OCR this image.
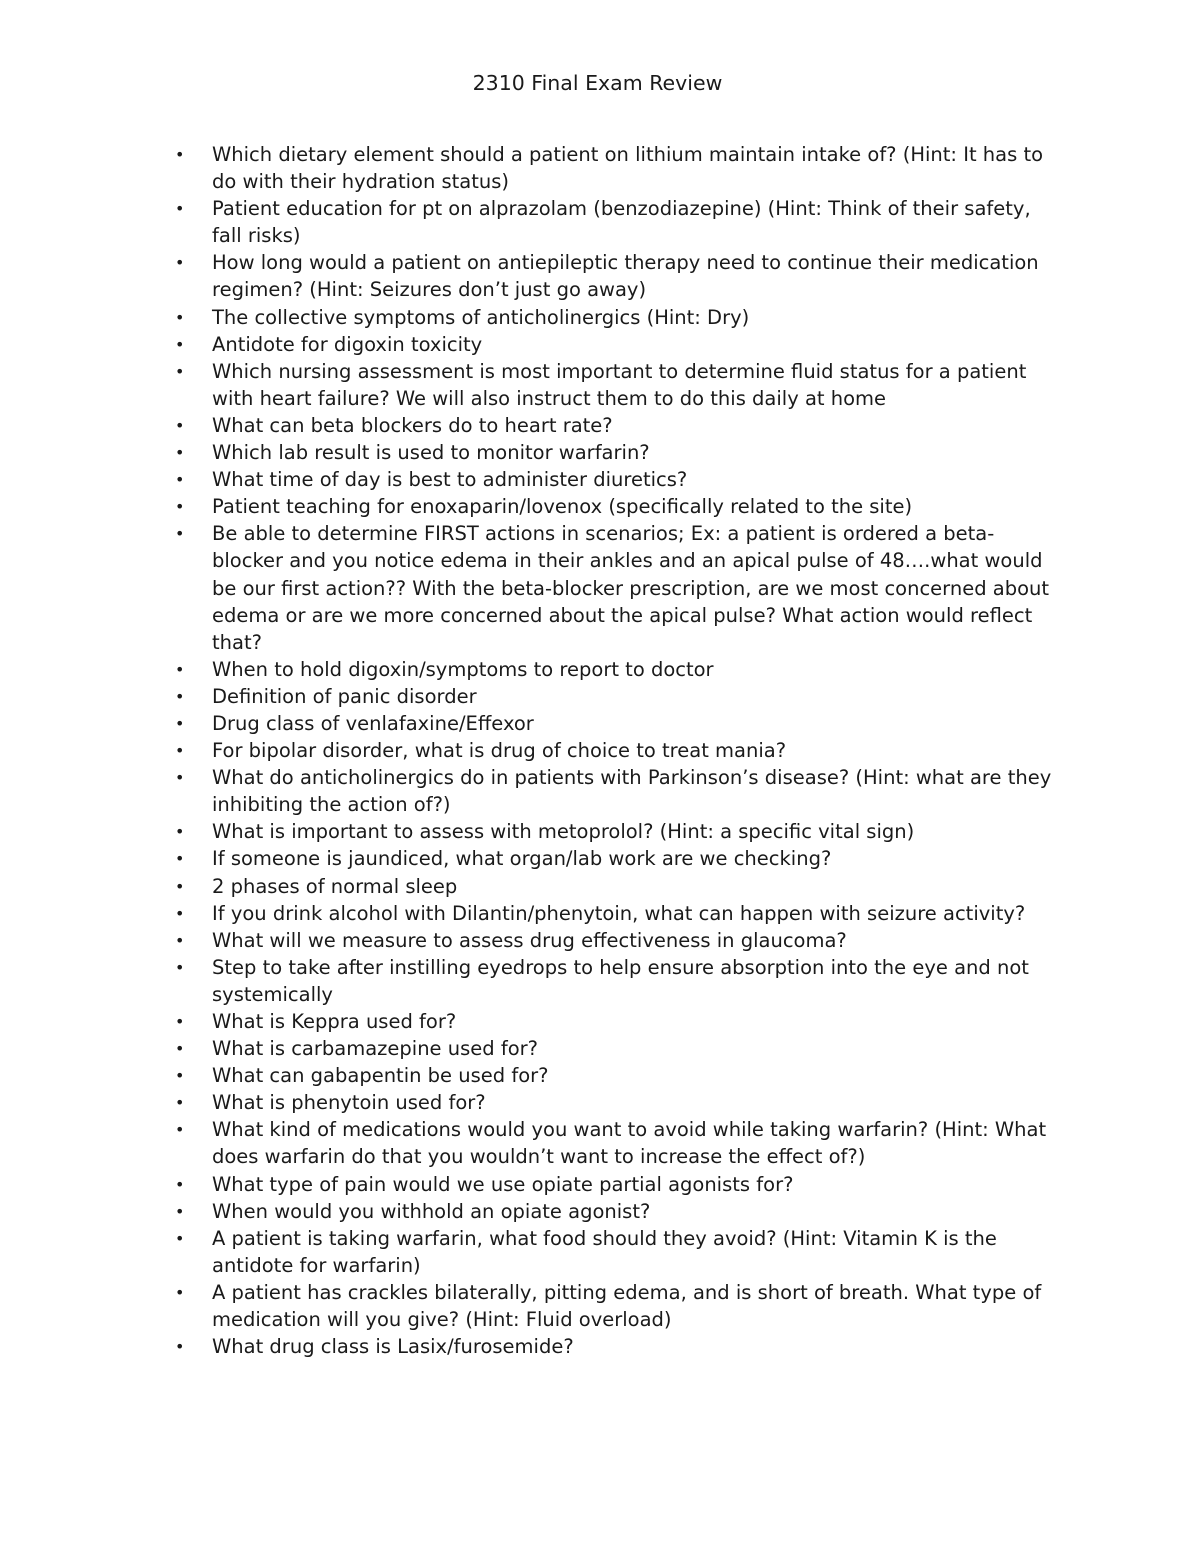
2310 Final Exam Review
•	Which dietary element should a patient on lithium maintain intake of? (Hint: It has to do with their hydration status)
•	Patient education for pt on alprazolam (benzodiazepine) (Hint: Think of their safety, fall risks)
•	How long would a patient on antiepileptic therapy need to continue their medication regimen? (Hint: Seizures don’t just go away)
•	The collective symptoms of anticholinergics (Hint: Dry)
•	Antidote for digoxin toxicity
•	Which nursing assessment is most important to determine fluid status for a patient with heart failure? We will also instruct them to do this daily at home
•	What can beta blockers do to heart rate?
•	Which lab result is used to monitor warfarin?
•	What time of day is best to administer diuretics?
•	Patient teaching for enoxaparin/lovenox (specifically related to the site)
•	Be able to determine FIRST actions in scenarios; Ex: a patient is ordered a beta-blocker and you notice edema in their ankles and an apical pulse of 48….what would be our first action?? With the beta-blocker prescription, are we most concerned about edema or are we more concerned about the apical pulse? What action would reflect that?
•	When to hold digoxin/symptoms to report to doctor
•	Definition of panic disorder
•	Drug class of venlafaxine/Effexor
•	For bipolar disorder, what is drug of choice to treat mania?
•	What do anticholinergics do in patients with Parkinson’s disease? (Hint: what are they inhibiting the action of?)
•	What is important to assess with metoprolol? (Hint: a specific vital sign)
•	If someone is jaundiced, what organ/lab work are we checking?
•	2 phases of normal sleep
•	If you drink alcohol with Dilantin/phenytoin, what can happen with seizure activity?
•	What will we measure to assess drug effectiveness in glaucoma?
•	Step to take after instilling eyedrops to help ensure absorption into the eye and not systemically
•	What is Keppra used for?
•	What is carbamazepine used for?
•	What can gabapentin be used for?
•	What is phenytoin used for?
•	What kind of medications would you want to avoid while taking warfarin? (Hint: What does warfarin do that you wouldn’t want to increase the effect of?)
•	What type of pain would we use opiate partial agonists for?
•	When would you withhold an opiate agonist?
•	A patient is taking warfarin, what food should they avoid? (Hint: Vitamin K is the antidote for warfarin)
•	A patient has crackles bilaterally, pitting edema, and is short of breath. What type of medication will you give? (Hint: Fluid overload)
•	What drug class is Lasix/furosemide?
